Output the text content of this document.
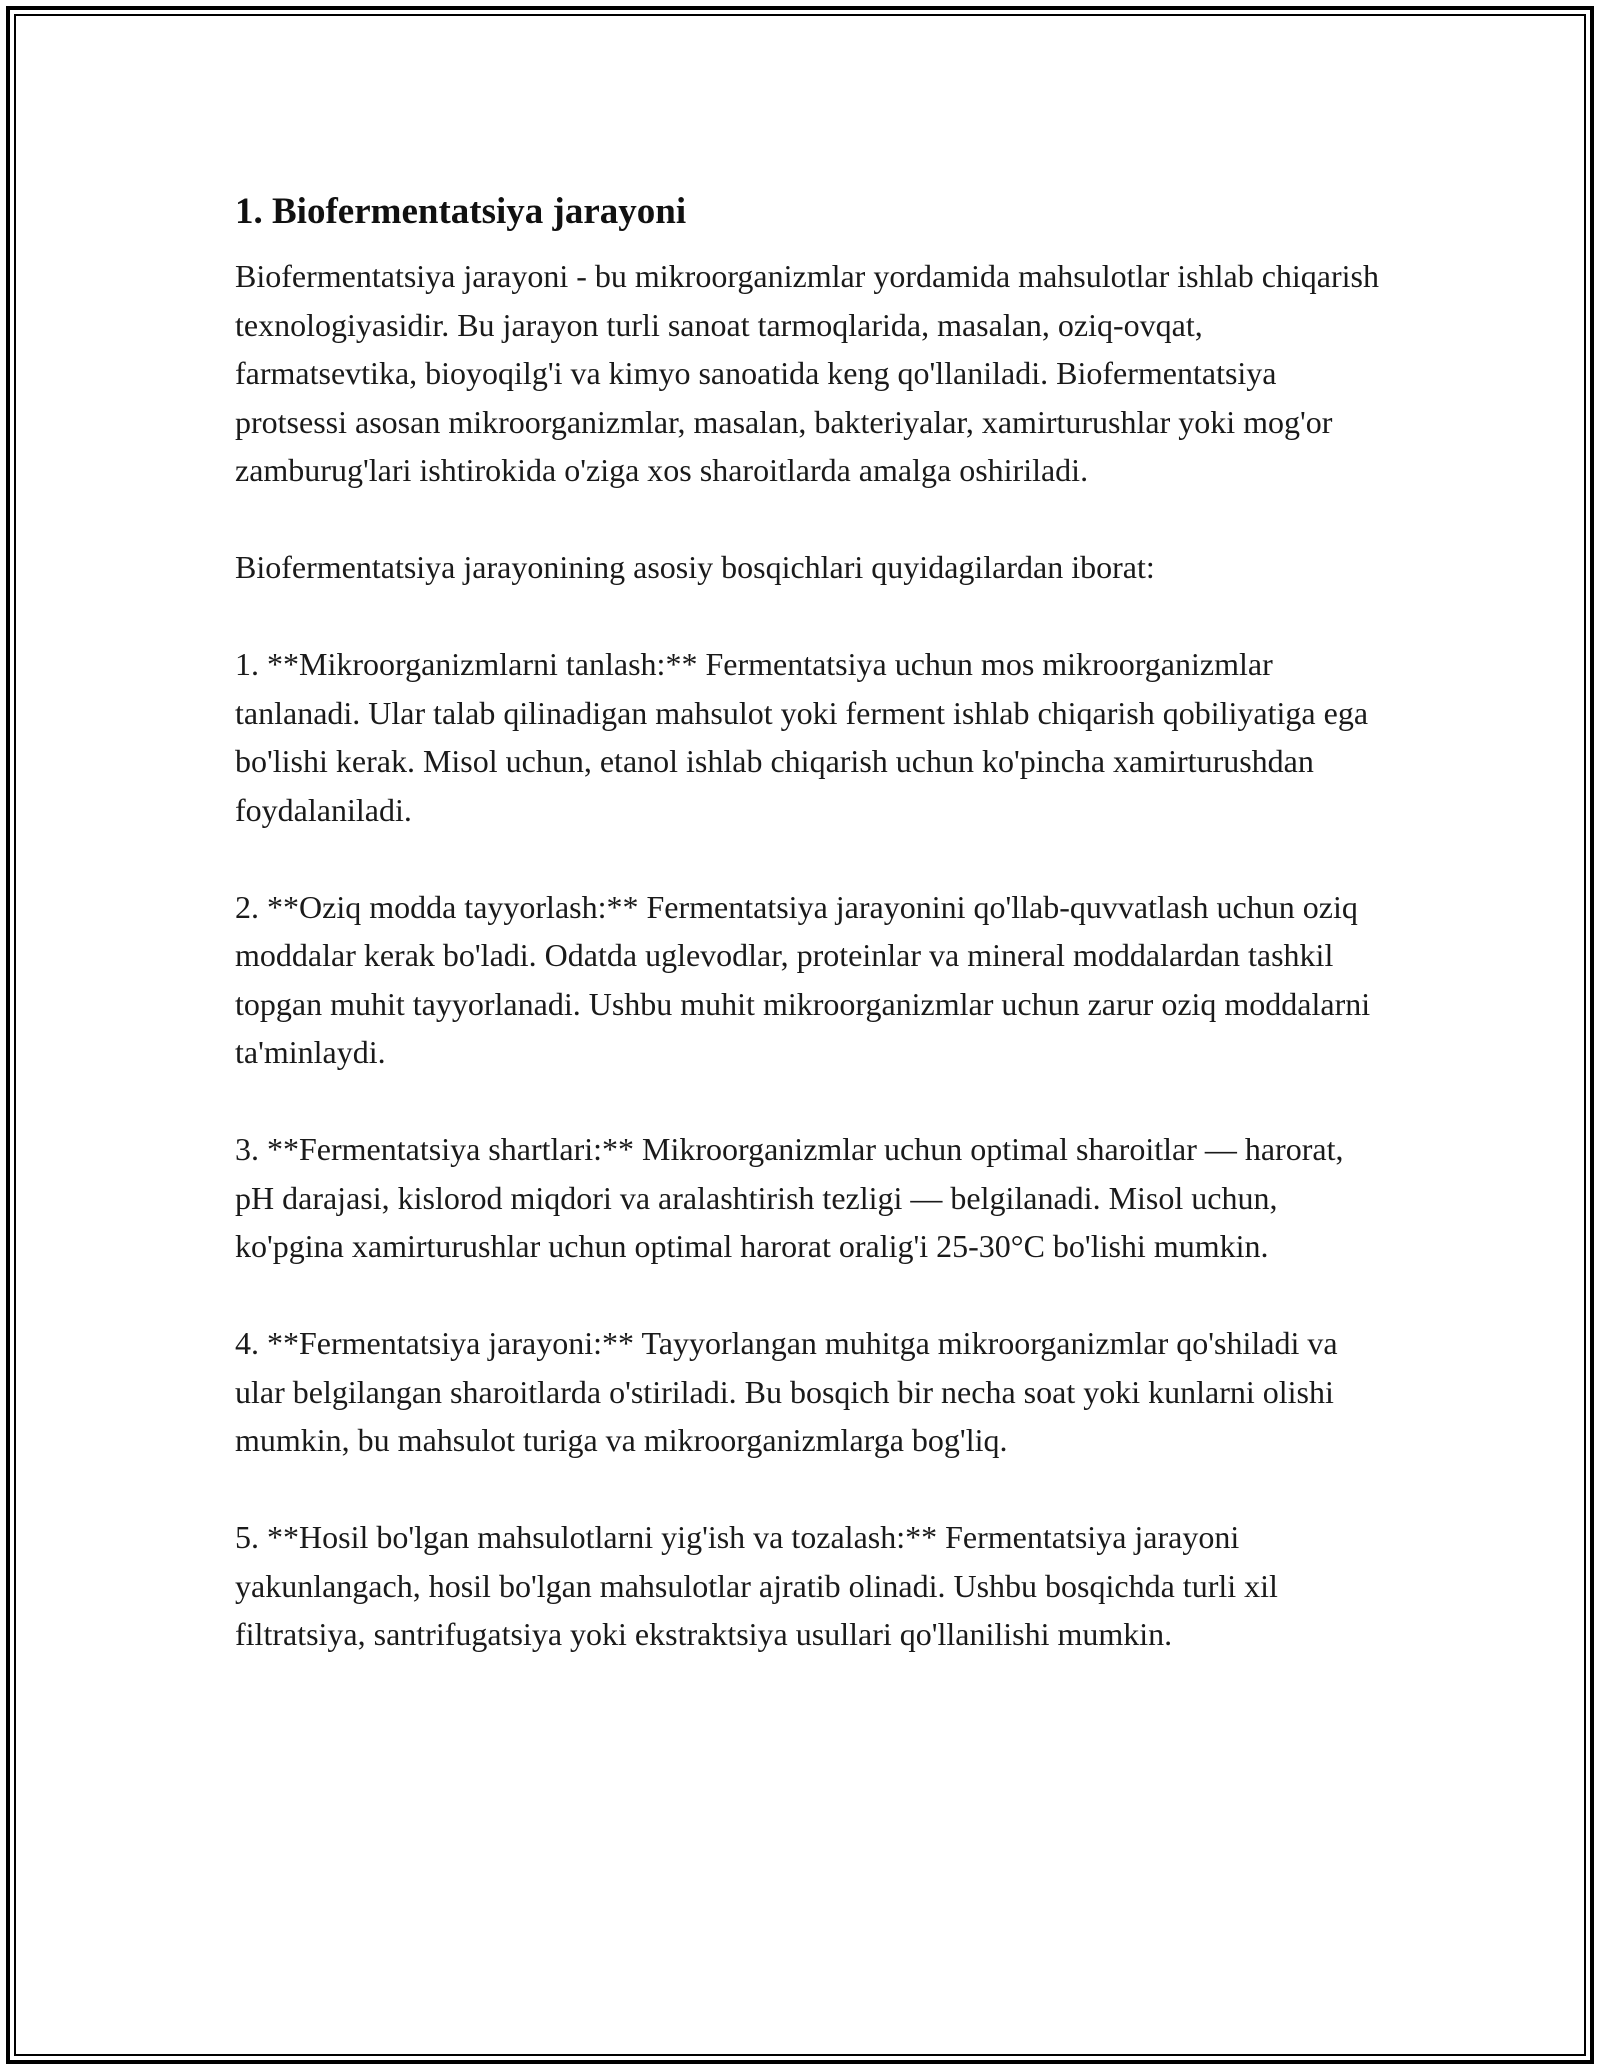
1. Biofermentatsiya jarayoni

Biofermentatsiya jarayoni - bu mikroorganizmlar yordamida mahsulotlar ishlab chiqarish texnologiyasidir. Bu jarayon turli sanoat tarmoqlarida, masalan, oziq-ovqat, farmatsevtika, bioyoqilg'i va kimyo sanoatida keng qo'llaniladi. Biofermentatsiya protsessi asosan mikroorganizmlar, masalan, bakteriyalar, xamirturushlar yoki mog'or zamburug'lari ishtirokida o'ziga xos sharoitlarda amalga oshiriladi.

Biofermentatsiya jarayonining asosiy bosqichlari quyidagilardan iborat:

1. **Mikroorganizmlarni tanlash:** Fermentatsiya uchun mos mikroorganizmlar tanlanadi. Ular talab qilinadigan mahsulot yoki ferment ishlab chiqarish qobiliyatiga ega bo'lishi kerak. Misol uchun, etanol ishlab chiqarish uchun ko'pincha xamirturushdan foydalaniladi.

2. **Oziq modda tayyorlash:** Fermentatsiya jarayonini qo'llab-quvvatlash uchun oziq moddalar kerak bo'ladi. Odatda uglevodlar, proteinlar va mineral moddalardan tashkil topgan muhit tayyorlanadi. Ushbu muhit mikroorganizmlar uchun zarur oziq moddalarni ta'minlaydi.

3. **Fermentatsiya shartlari:** Mikroorganizmlar uchun optimal sharoitlar — harorat, pH darajasi, kislorod miqdori va aralashtirish tezligi — belgilanadi. Misol uchun, ko'pgina xamirturushlar uchun optimal harorat oralig'i 25-30°C bo'lishi mumkin.

4. **Fermentatsiya jarayoni:** Tayyorlangan muhitga mikroorganizmlar qo'shiladi va ular belgilangan sharoitlarda o'stiriladi. Bu bosqich bir necha soat yoki kunlarni olishi mumkin, bu mahsulot turiga va mikroorganizmlarga bog'liq.

5. **Hosil bo'lgan mahsulotlarni yig'ish va tozalash:** Fermentatsiya jarayoni yakunlangach, hosil bo'lgan mahsulotlar ajratib olinadi. Ushbu bosqichda turli xil filtratsiya, santrifugatsiya yoki ekstraktsiya usullari qo'llanilishi mumkin.
